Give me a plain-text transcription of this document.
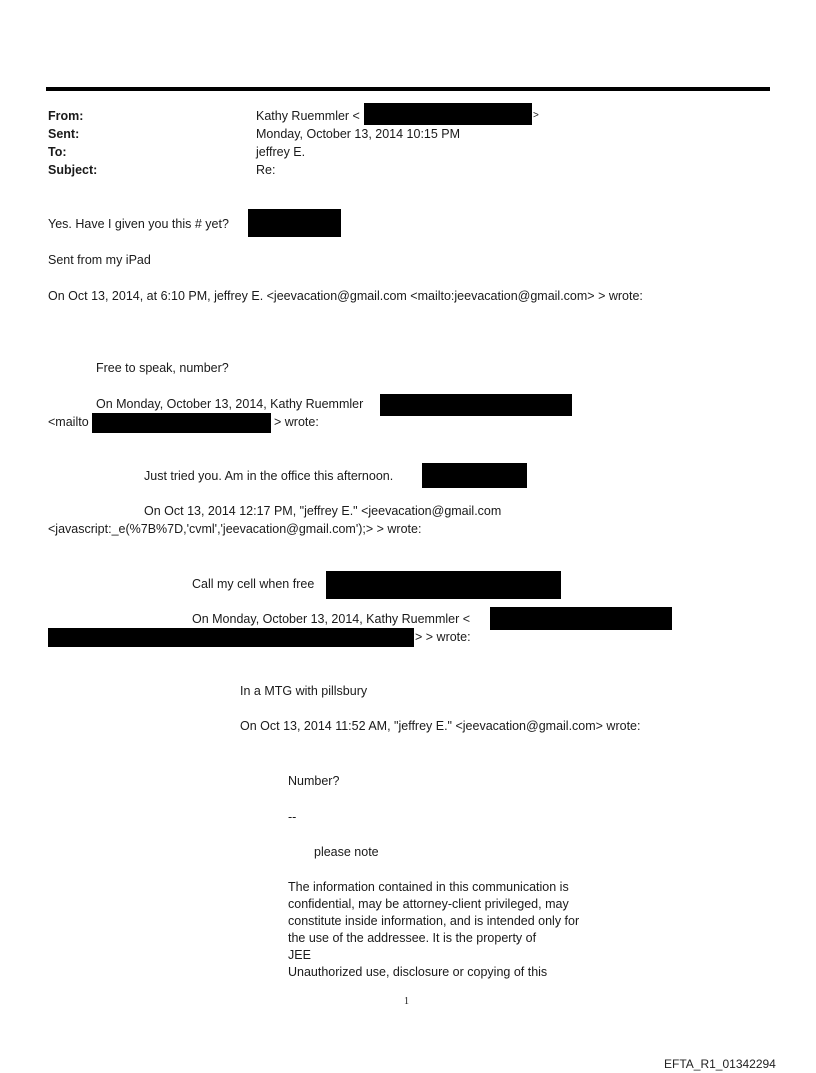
From:	Kathy Ruemmler <	>
Sent:	Monday, October 13, 2014 10:15 PM
To:	jeffrey E.
Subject:	Re:
Yes. Have I given you this # yet?
Sent from my iPad
On Oct 13, 2014, at 6:10 PM, jeffrey E. <jeevacation@gmail.com <mailto:jeevacation@gmail.com> > wrote:
Free to speak, number?
On Monday, October 13, 2014, Kathy Ruemmler
<mailto	> wrote:
Just tried you. Am in the office this afternoon.
On Oct 13, 2014 12:17 PM, "jeffrey E." <jeevacation@gmail.com
<javascript:_e(%7B%7D,'cvml','jeevacation@gmail.com');> > wrote:
Call my cell when free
On Monday, October 13, 2014, Kathy Ruemmler <
> > wrote:
In a MTG with pillsbury
On Oct 13, 2014 11:52 AM, "jeffrey E." <jeevacation@gmail.com> wrote:
Number?
--
please note
The information contained in this communication is
confidential, may be attorney-client privileged, may
constitute inside information, and is intended only for
the use of the addressee. It is the property of
JEE
Unauthorized use, disclosure or copying of this
1
EFTA_R1_01342294
